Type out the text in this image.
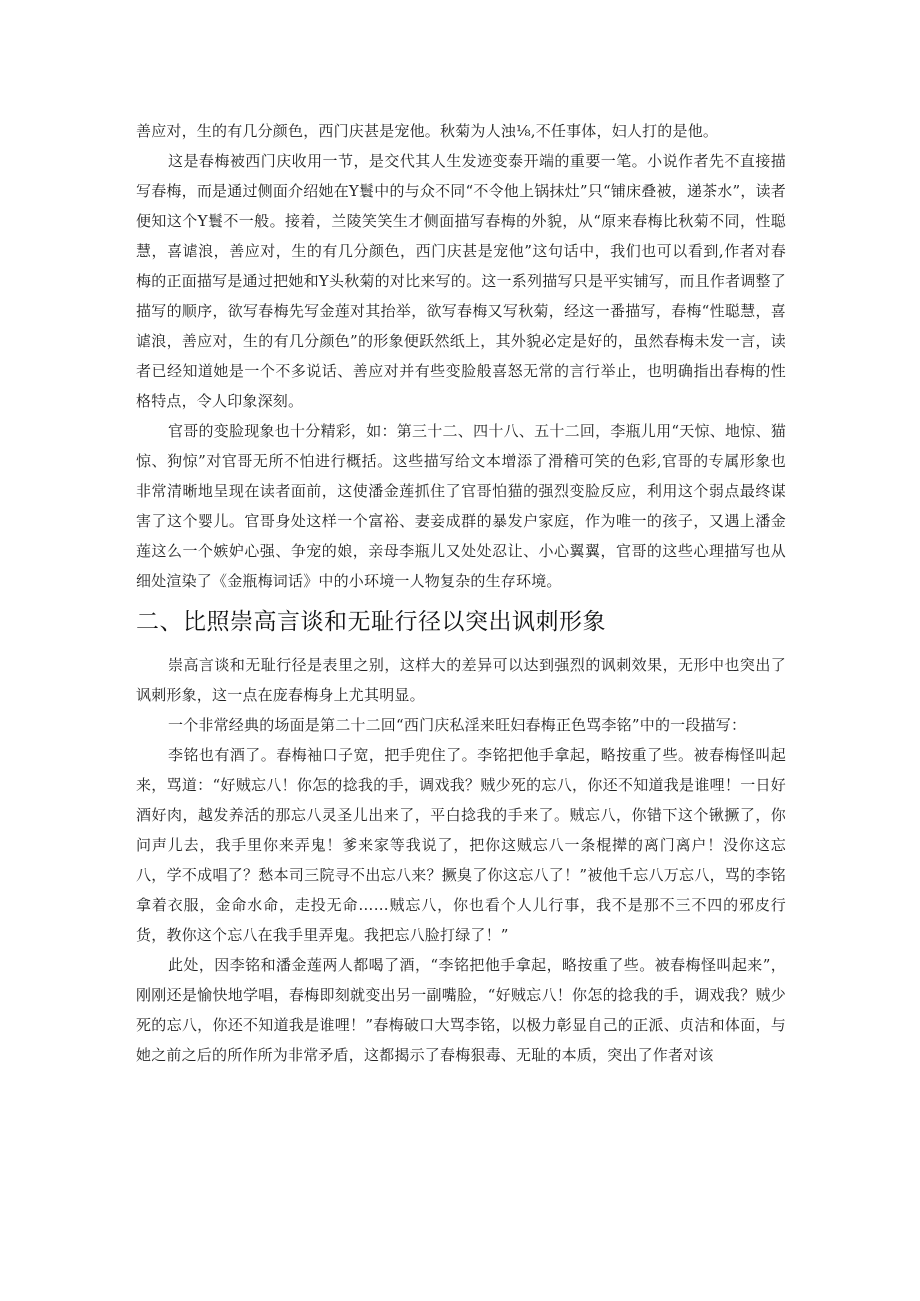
善应对，生的有几分颜色，西门庆甚是宠他。秋菊为人浊⅛,不任事体，妇人打的是他。

这是春梅被西门庆收用一节，是交代其人生发迹变泰开端的重要一笔。小说作者先不直接描写春梅，而是通过侧面介绍她在Y鬟中的与众不同“不令他上锅抹灶”只“铺床叠被，递茶水”，读者便知这个Y鬟不一般。接着，兰陵笑笑生才侧面描写春梅的外貌，从“原来春梅比秋菊不同，性聪慧，喜谑浪，善应对，生的有几分颜色，西门庆甚是宠他”这句话中，我们也可以看到,作者对春梅的正面描写是通过把她和Y头秋菊的对比来写的。这一系列描写只是平实铺写，而且作者调整了描写的顺序，欲写春梅先写金莲对其抬举，欲写春梅又写秋菊，经这一番描写，春梅“性聪慧，喜谑浪，善应对，生的有几分颜色”的形象便跃然纸上，其外貌必定是好的，虽然春梅未发一言，读者已经知道她是一个不多说话、善应对并有些变脸般喜怒无常的言行举止，也明确指出春梅的性格特点，令人印象深刻。

官哥的变脸现象也十分精彩，如：第三十二、四十八、五十二回，李瓶儿用“天惊、地惊、猫惊、狗惊”对官哥无所不怕进行概括。这些描写给文本增添了滑稽可笑的色彩,官哥的专属形象也非常清晰地呈现在读者面前，这使潘金莲抓住了官哥怕猫的强烈变脸反应，利用这个弱点最终谋害了这个婴儿。官哥身处这样一个富裕、妻妾成群的暴发户家庭，作为唯一的孩子，又遇上潘金莲这么一个嫉妒心强、争宠的娘，亲母李瓶儿又处处忍让、小心翼翼，官哥的这些心理描写也从细处渲染了《金瓶梅词话》中的小环境一人物复杂的生存环境。

二、比照崇高言谈和无耻行径以突出讽刺形象

崇高言谈和无耻行径是表里之别，这样大的差异可以达到强烈的讽刺效果，无形中也突出了讽刺形象，这一点在庞春梅身上尤其明显。

一个非常经典的场面是第二十二回“西门庆私淫来旺妇春梅正色骂李铭”中的一段描写：

李铭也有酒了。春梅袖口子宽，把手兜住了。李铭把他手拿起，略按重了些。被春梅怪叫起来，骂道：“好贼忘八！你怎的捻我的手，调戏我？贼少死的忘八，你还不知道我是谁哩！一日好酒好肉，越发养活的那忘八灵圣儿出来了，平白捻我的手来了。贼忘八，你错下这个锹撅了，你问声儿去，我手里你来弄鬼！爹来家等我说了，把你这贼忘八一条棍撵的离门离户！没你这忘八，学不成唱了？愁本司三院寻不出忘八来？撅臭了你这忘八了！”被他千忘八万忘八，骂的李铭拿着衣服，金命水命，走投无命……贼忘八，你也看个人儿行事，我不是那不三不四的邪皮行货，教你这个忘八在我手里弄鬼。我把忘八脸打绿了！”

此处，因李铭和潘金莲两人都喝了酒，“李铭把他手拿起，略按重了些。被春梅怪叫起来”，刚刚还是愉快地学唱，春梅即刻就变出另一副嘴脸，“好贼忘八！你怎的捻我的手，调戏我？贼少死的忘八，你还不知道我是谁哩！”春梅破口大骂李铭，以极力彰显自己的正派、贞洁和体面，与她之前之后的所作所为非常矛盾，这都揭示了春梅狠毒、无耻的本质，突出了作者对该
